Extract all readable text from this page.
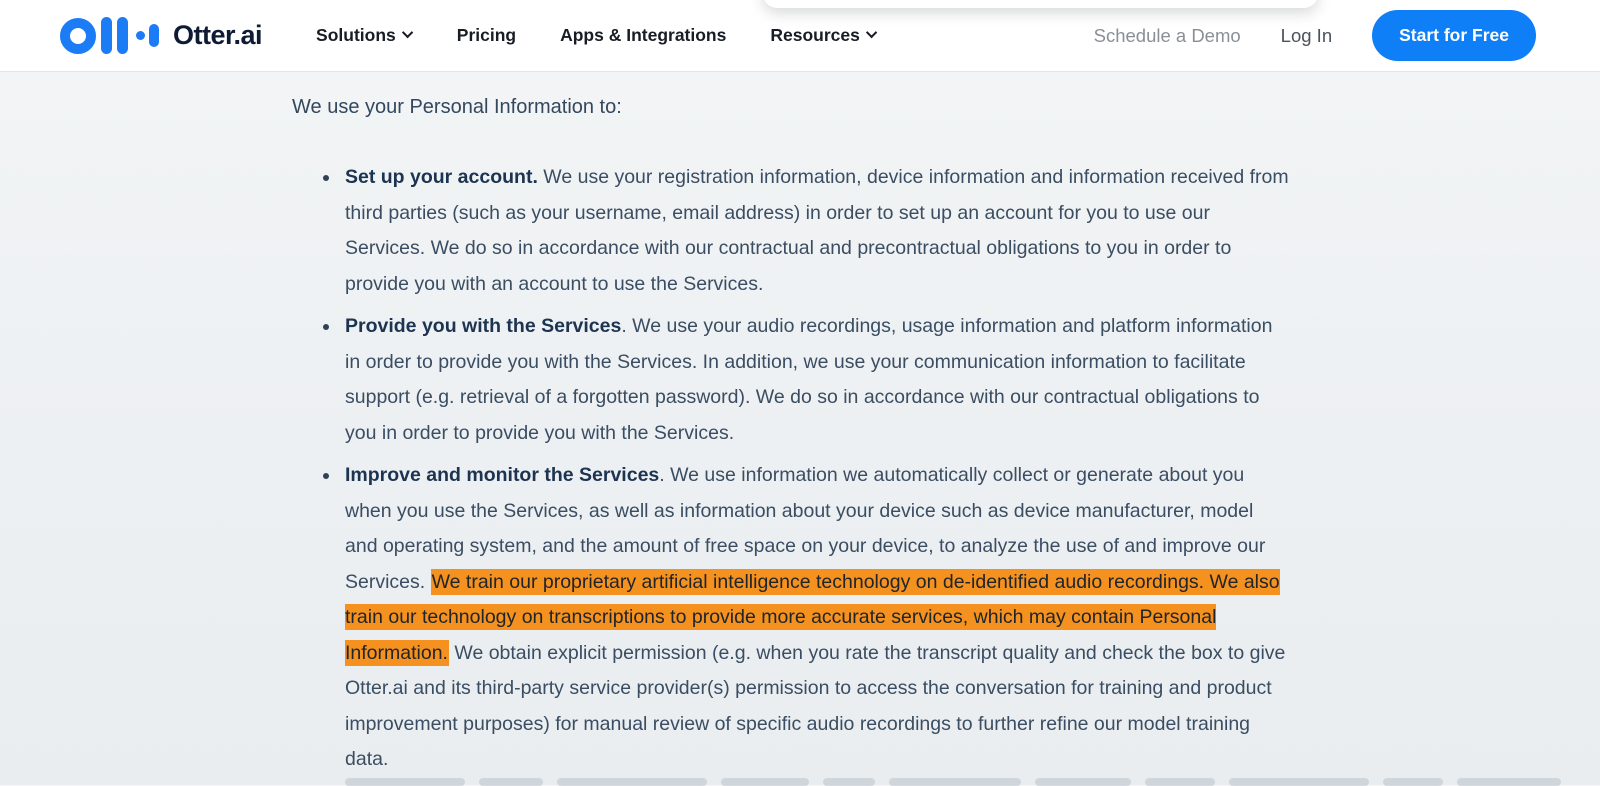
Otter.ai	Solutions	Pricing	Apps & Integrations	Resources	Schedule a Demo Log In	Start for Free

We use your Personal Information to:

Set up your account. We use your registration information, device information and information received from third parties (such as your username, email address) in order to set up an account for you to use our Services. We do so in accordance with our contractual and precontractual obligations to you in order to provide you with an account to use the Services.
Provide you with the Services. We use your audio recordings, usage information and platform information in order to provide you with the Services. In addition, we use your communication information to facilitate support (e.g. retrieval of a forgotten password). We do so in accordance with our contractual obligations to you in order to provide you with the Services.
Improve and monitor the Services. We use information we automatically collect or generate about you when you use the Services, as well as information about your device such as device manufacturer, model and operating system, and the amount of free space on your device, to analyze the use of and improve our Services. We train our proprietary artificial intelligence technology on de-identified audio recordings. We also train our technology on transcriptions to provide more accurate services, which may contain Personal Information. We obtain explicit permission (e.g. when you rate the transcript quality and check the box to give Otter.ai and its third-party service provider(s) permission to access the conversation for training and product improvement purposes) for manual review of specific audio recordings to further refine our model training data.
